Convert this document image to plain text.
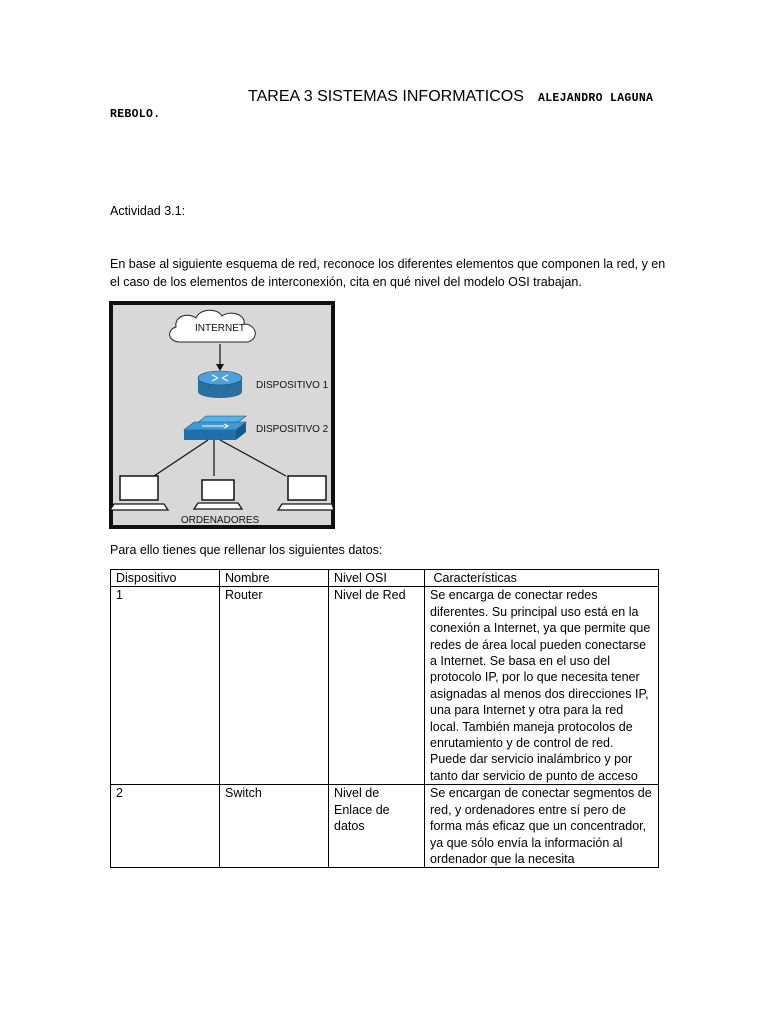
TAREA 3 SISTEMAS INFORMATICOS ALEJANDRO LAGUNA
REBOLO.
Actividad 3.1:
En base al siguiente esquema de red, reconoce los diferentes elementos que componen la red, y en el caso de los elementos de interconexión, cita en qué nivel del modelo OSI trabajan.
INTERNET
DISPOSITIVO 1
DISPOSITIVO 2
ORDENADORES
Para ello tienes que rellenar los siguientes datos:
Dispositivo	Nombre	Nivel OSI	Características
1	Router	Nivel de Red	Se encarga de conectar redes diferentes. Su principal uso está en la conexión a Internet, ya que permite que redes de área local pueden conectarse a Internet. Se basa en el uso del protocolo IP, por lo que necesita tener asignadas al menos dos direcciones IP, una para Internet y otra para la red local. También maneja protocolos de enrutamiento y de control de red. Puede dar servicio inalámbrico y por tanto dar servicio de punto de acceso
2	Switch	Nivel de Enlace de datos	Se encargan de conectar segmentos de red, y ordenadores entre sí pero de forma más eficaz que un concentrador, ya que sólo envía la información al ordenador que la necesita
